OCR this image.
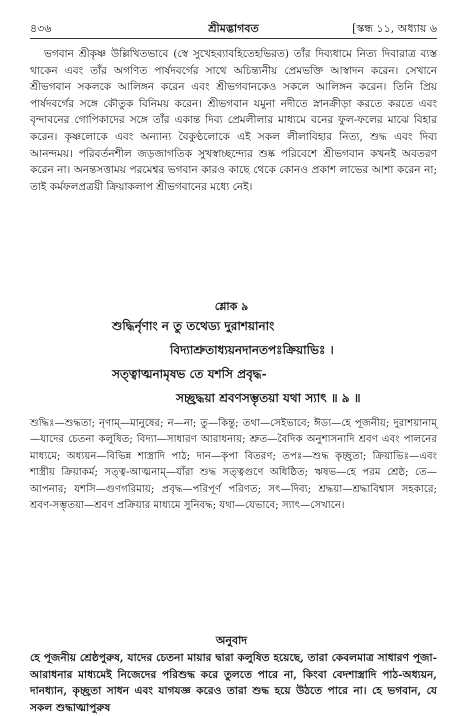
৪৩৬	শ্রীমদ্ভাগবত	[স্কন্ধ ১১, অধ্যায় ৬
ভগবান শ্রীকৃষ্ণ উল্লিখিতভাবে (স্বে সুখেহব্যাবহিতেহভিরত) তাঁর দিব্যধামে নিত্য দিবারাত্র ব্যস্ত থাকেন এবং তাঁর অগণিত পার্ষদবর্গের সাথে অচিন্ত্যনীয় প্রেমভক্তি আস্বাদন করেন। সেখানে শ্রীভগবান সকলকে আলিঙ্গন করেন এবং শ্রীভগবানকেও সকলে আলিঙ্গন করেন। তিনি প্রিয় পার্ষদবর্গের সঙ্গে কৌতুক বিনিময় করেন। শ্রীভগবান যমুনা নদীতে স্নানক্রীড়া করতে করতে এবং বৃন্দাবনের গোপিকাদের সঙ্গে তাঁর একান্ত দিব্য প্রেমলীলার মাধ্যমে বনের ফুল-ফলের মাঝে বিহার করেন। কৃষ্ণলোকে এবং অন্যান্য বৈকুণ্ঠলোকে এই সকল লীলাবিহার নিত্য, শুদ্ধ এবং দিব্য আনন্দময়। পরিবর্তনশীল জড়জাগতিক সুখস্বাচ্ছন্দ্যের শুষ্ক পরিবেশে শ্রীভগবান কখনই অবতরণ করেন না। অনন্তসত্তাময় পরমেশ্বর ভগবান কারও কাছে থেকে কোনও প্রকাশ লাভের আশা করেন না; তাই কর্মফলপ্রত্রয়ী ক্রিয়াকলাপ শ্রীভগবানের মধ্যে নেই।
শ্লোক ৯
শুদ্ধির্নৃণাং ন তু তথেড্য দুরাশয়ানাং
বিদ্যাশ্রুতাধ্যয়নদানতপঃক্রিয়াভিঃ ।
সত্ত্বাত্মনামৃষভ তে যশসি প্রবৃদ্ধ-
সচ্ছ্রদ্ধয়া শ্রবণসম্ভৃতয়া যথা স্যাৎ ॥ ৯ ॥
শুদ্ধিঃ—শুদ্ধতা; নৃণাম্—মানুষের; ন—না; তু—কিন্তু; তথা—সেইভাবে; ঈড্য—হে পূজনীয়; দুরাশয়ানাম্—যাদের চেতনা কলুষিত; বিদ্যা—সাধারণ আরাধনায়; শ্রুত—বৈদিক অনুশাসনাদি শ্রবণ এবং পালনের মাধ্যমে; অধ্যয়ন—বিভিন্ন শাস্ত্রাদি পাঠ; দান—কৃপা বিতরণ; তপঃ—শুদ্ধ কৃচ্ছ্রতা; ক্রিয়াভিঃ—এবং শাস্ত্রীয় ক্রিয়াকর্ম; সত্ত্ব-আত্মনাম্—যাঁরা শুদ্ধ সত্ত্বগুণে অধিষ্ঠিত; ঋষভ—হে পরম শ্রেষ্ঠ; তে—আপনার; যশসি—গুণগরিমায়; প্রবৃদ্ধ—পরিপূর্ণ পরিণত; সৎ—দিব্য; শ্রদ্ধয়া—শ্রদ্ধাবিশ্বাস সহকারে; শ্রবণ-সম্ভৃতয়া—শ্রবণ প্রক্রিয়ার মাধ্যমে সুনিবদ্ধ; যথা—যেভাবে; স্যাৎ—সেখানে।
অনুবাদ
হে পূজনীয় শ্রেষ্ঠপুরুষ, যাদের চেতনা মায়ার দ্বারা কলুষিত হয়েছে, তারা কেবলমাত্র সাধারণ পূজা-আরাধনার মাধ্যমেই নিজেদের পরিশুদ্ধ করে তুলতে পারে না, কিংবা বেদশাস্ত্রাদি পাঠ-অধ্যয়ন, দানধ্যান, কৃচ্ছ্রতা সাধন এবং যাগযজ্ঞ করেও তারা শুদ্ধ হয়ে উঠতে পারে না। হে ভগবান, যে সকল শুদ্ধাত্মাপুরুষ
